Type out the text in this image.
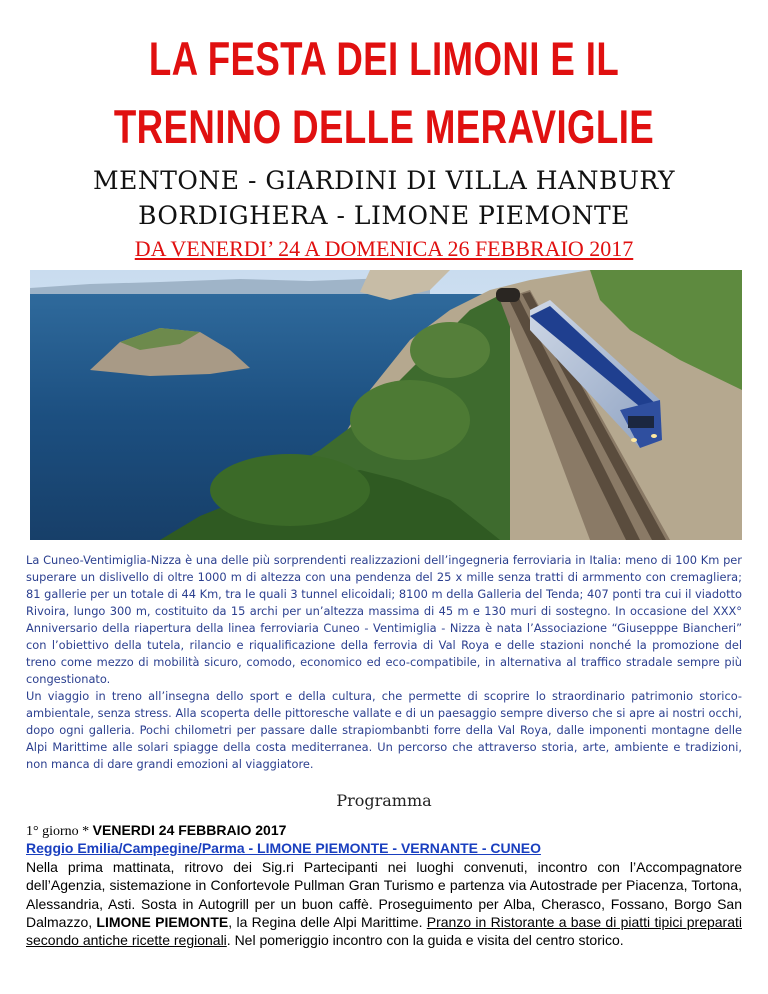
LA FESTA DEI LIMONI E IL
TRENINO DELLE MERAVIGLIE
MENTONE - GIARDINI DI VILLA HANBURY
BORDIGHERA - LIMONE PIEMONTE
DA VENERDI’ 24 A DOMENICA 26 FEBBRAIO 2017

La Cuneo-Ventimiglia-Nizza è una delle più sorprendenti realizzazioni dell’ingegneria ferroviaria in Italia: meno di 100 Km per superare un dislivello di oltre 1000 m di altezza con una pendenza del 25 x mille senza tratti di armmento con cremagliera; 81 gallerie per un totale di 44 Km, tra le quali 3 tunnel elicoidali; 8100 m della Galleria del Tenda; 407 ponti tra cui il viadotto Rivoira, lungo 300 m, costituito da 15 archi per un’altezza massima di 45 m e 130 muri di sostegno. In occasione del XXX° Anniversario della riapertura della linea ferroviaria Cuneo - Ventimiglia - Nizza è nata l’Associazione “Giusepppe Biancheri” con l’obiettivo della tutela, rilancio e riqualificazione della ferrovia di Val Roya e delle stazioni nonché la promozione del treno come mezzo di mobilità sicuro, comodo, economico ed eco-compatibile, in alternativa al traffico stradale sempre più congestionato.

Un viaggio in treno all’insegna dello sport e della cultura, che permette di scoprire lo straordinario patrimonio storico-ambientale, senza stress. Alla scoperta delle pittoresche vallate e di un paesaggio sempre diverso che si apre ai nostri occhi, dopo ogni galleria. Pochi chilometri per passare dalle strapiombanbti forre della Val Roya, dalle imponenti montagne delle Alpi Marittime alle solari spiagge della costa mediterranea. Un percorso che attraverso storia, arte, ambiente e tradizioni, non manca di dare grandi emozioni al viaggiatore.

Programma
1° giorno * VENERDI 24 FEBBRAIO 2017
Reggio Emilia/Campegine/Parma - LIMONE PIEMONTE - VERNANTE - CUNEO
Nella prima mattinata, ritrovo dei Sig.ri Partecipanti nei luoghi convenuti, incontro con l’Accompagnatore dell’Agenzia, sistemazione in Confortevole Pullman Gran Turismo e partenza via Autostrade per Piacenza, Tortona, Alessandria, Asti. Sosta in Autogrill per un buon caffè. Proseguimento per Alba, Cherasco, Fossano, Borgo San Dalmazzo, LIMONE PIEMONTE, la Regina delle Alpi Marittime. Pranzo in Ristorante a base di piatti tipici preparati secondo antiche ricette regionali. Nel pomeriggio incontro con la guida e visita del centro storico.
